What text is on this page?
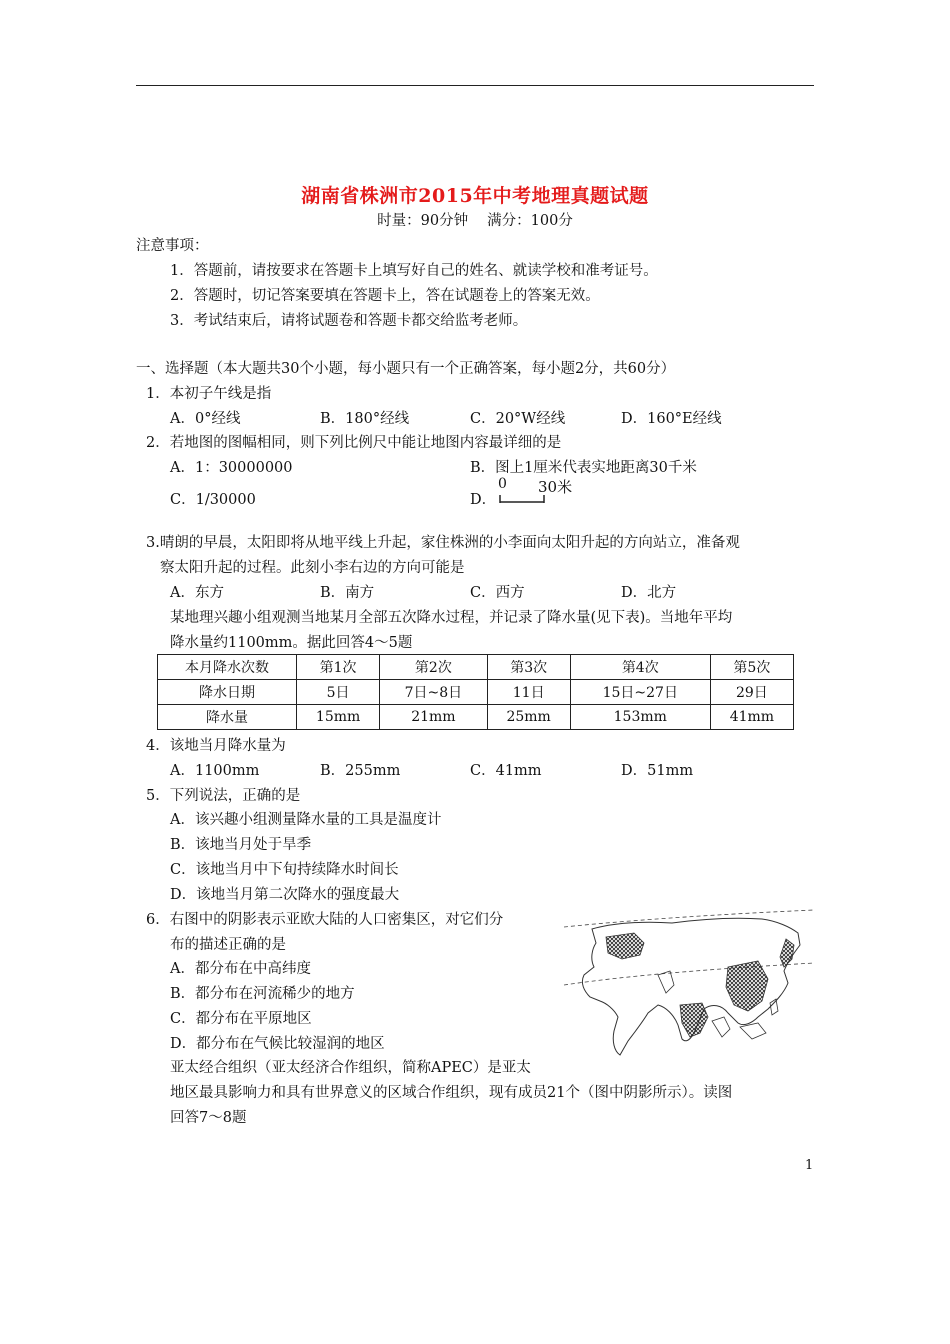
湖南省株洲市2015年中考地理真题试题
时量：90分钟　 满分：100分
注意事项：
1．答题前，请按要求在答题卡上填写好自己的姓名、就读学校和准考证号。
2．答题时，切记答案要填在答题卡上，答在试题卷上的答案无效。
3．考试结束后，请将试题卷和答题卡都交给监考老师。
一、选择题（本大题共30个小题，每小题只有一个正确答案，每小题2分，共60分）
1．本初子午线是指
A．0°经线	B．180°经线	C．20°W经线	D．160°E经线
2．若地图的图幅相同，则下列比例尺中能让地图内容最详细的是
A．1：30000000	B．图上1厘米代表实地距离30千米
C．1/30000	D．
0 30米
3.晴朗的早晨，太阳即将从地平线上升起，家住株洲的小李面向太阳升起的方向站立，准备观
察太阳升起的过程。此刻小李右边的方向可能是
A．东方	B．南方	C．西方	D．北方
某地理兴趣小组观测当地某月全部五次降水过程，并记录了降水量(见下表)。当地年平均
降水量约1100mm。据此回答4～5题
本月降水次数	第1次	第2次	第3次	第4次	第5次
降水日期	5日	7日~8日	11日	15日~27日	29日
降水量	15mm	21mm	25mm	153mm	41mm
4．该地当月降水量为
A．1100mm	B．255mm	C．41mm	D．51mm
5．下列说法，正确的是
A．该兴趣小组测量降水量的工具是温度计
B．该地当月处于旱季
C．该地当月中下旬持续降水时间长
D．该地当月第二次降水的强度最大
6．右图中的阴影表示亚欧大陆的人口密集区，对它们分
布的描述正确的是
A．都分布在中高纬度
B．都分布在河流稀少的地方
C．都分布在平原地区
D．都分布在气候比较湿润的地区
亚太经合组织（亚太经济合作组织，简称APEC）是亚太
地区最具影响力和具有世界意义的区域合作组织，现有成员21个（图中阴影所示）。读图
回答7～8题
1
